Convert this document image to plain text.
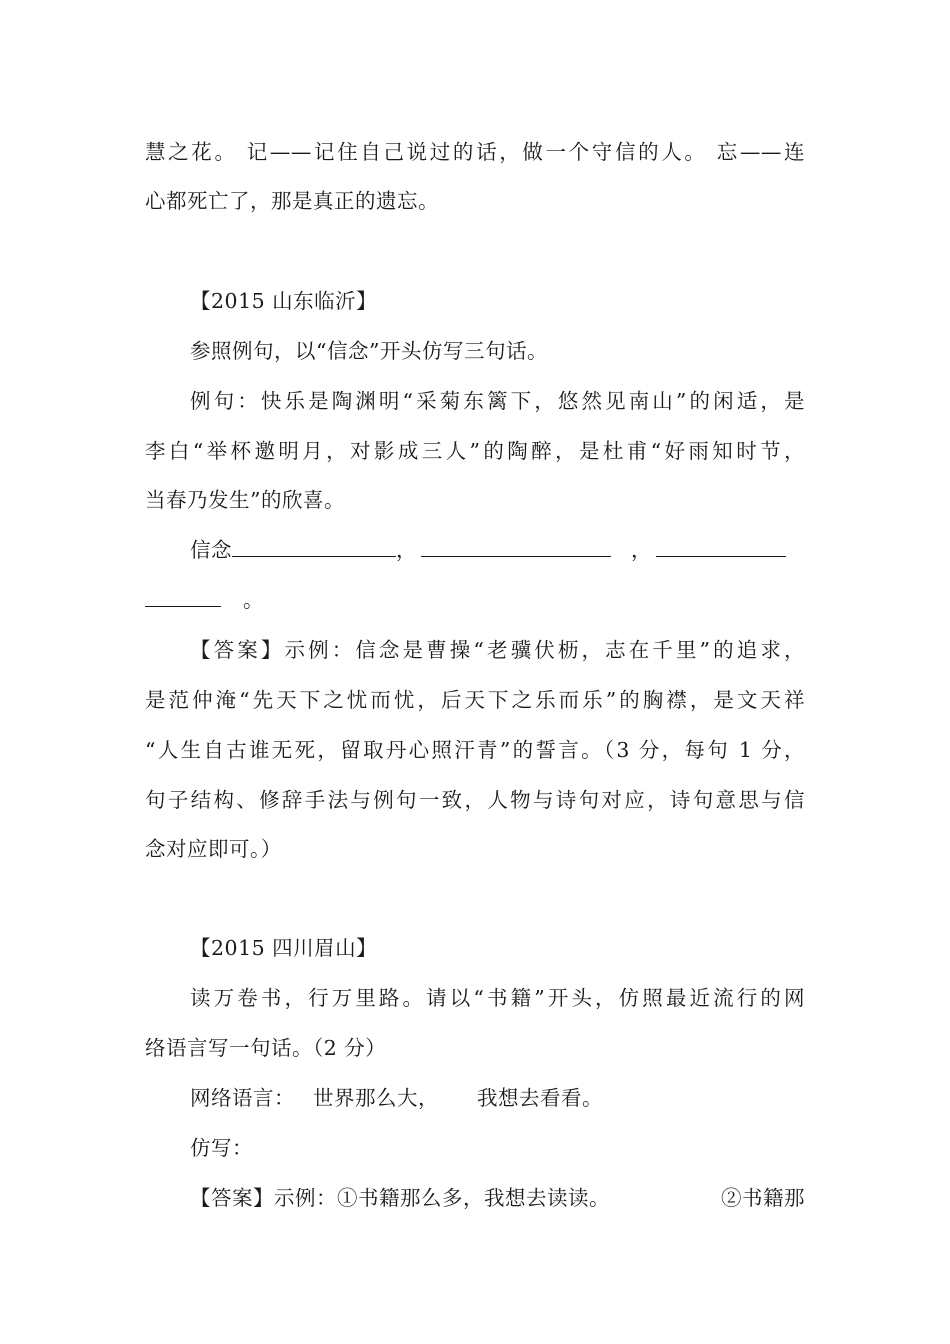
慧之花。 记——记住自己说过的话，做一个守信的人。 忘——连
心都死亡了，那是真正的遗忘。
【2015 山东临沂】
参照例句，以“信念”开头仿写三句话。
例句：快乐是陶渊明“采菊东篱下，悠然见南山”的闲适，是
李白“举杯邀明月，对影成三人”的陶醉，是杜甫“好雨知时节，
当春乃发生”的欣喜。
信念	，	，
。
【答案】示例：信念是曹操“老骥伏枥，志在千里”的追求，
是范仲淹“先天下之忧而忧，后天下之乐而乐”的胸襟，是文天祥
“人生自古谁无死，留取丹心照汗青”的誓言。（3 分，每句 1 分，
句子结构、修辞手法与例句一致，人物与诗句对应，诗句意思与信
念对应即可。）
【2015 四川眉山】
读万卷书，行万里路。请以“书籍”开头，仿照最近流行的网
络语言写一句话。（2 分）
网络语言： 世界那么大， 我想去看看。
仿写：
【答案】示例：①书籍那么多，我想去读读。	②书籍那
